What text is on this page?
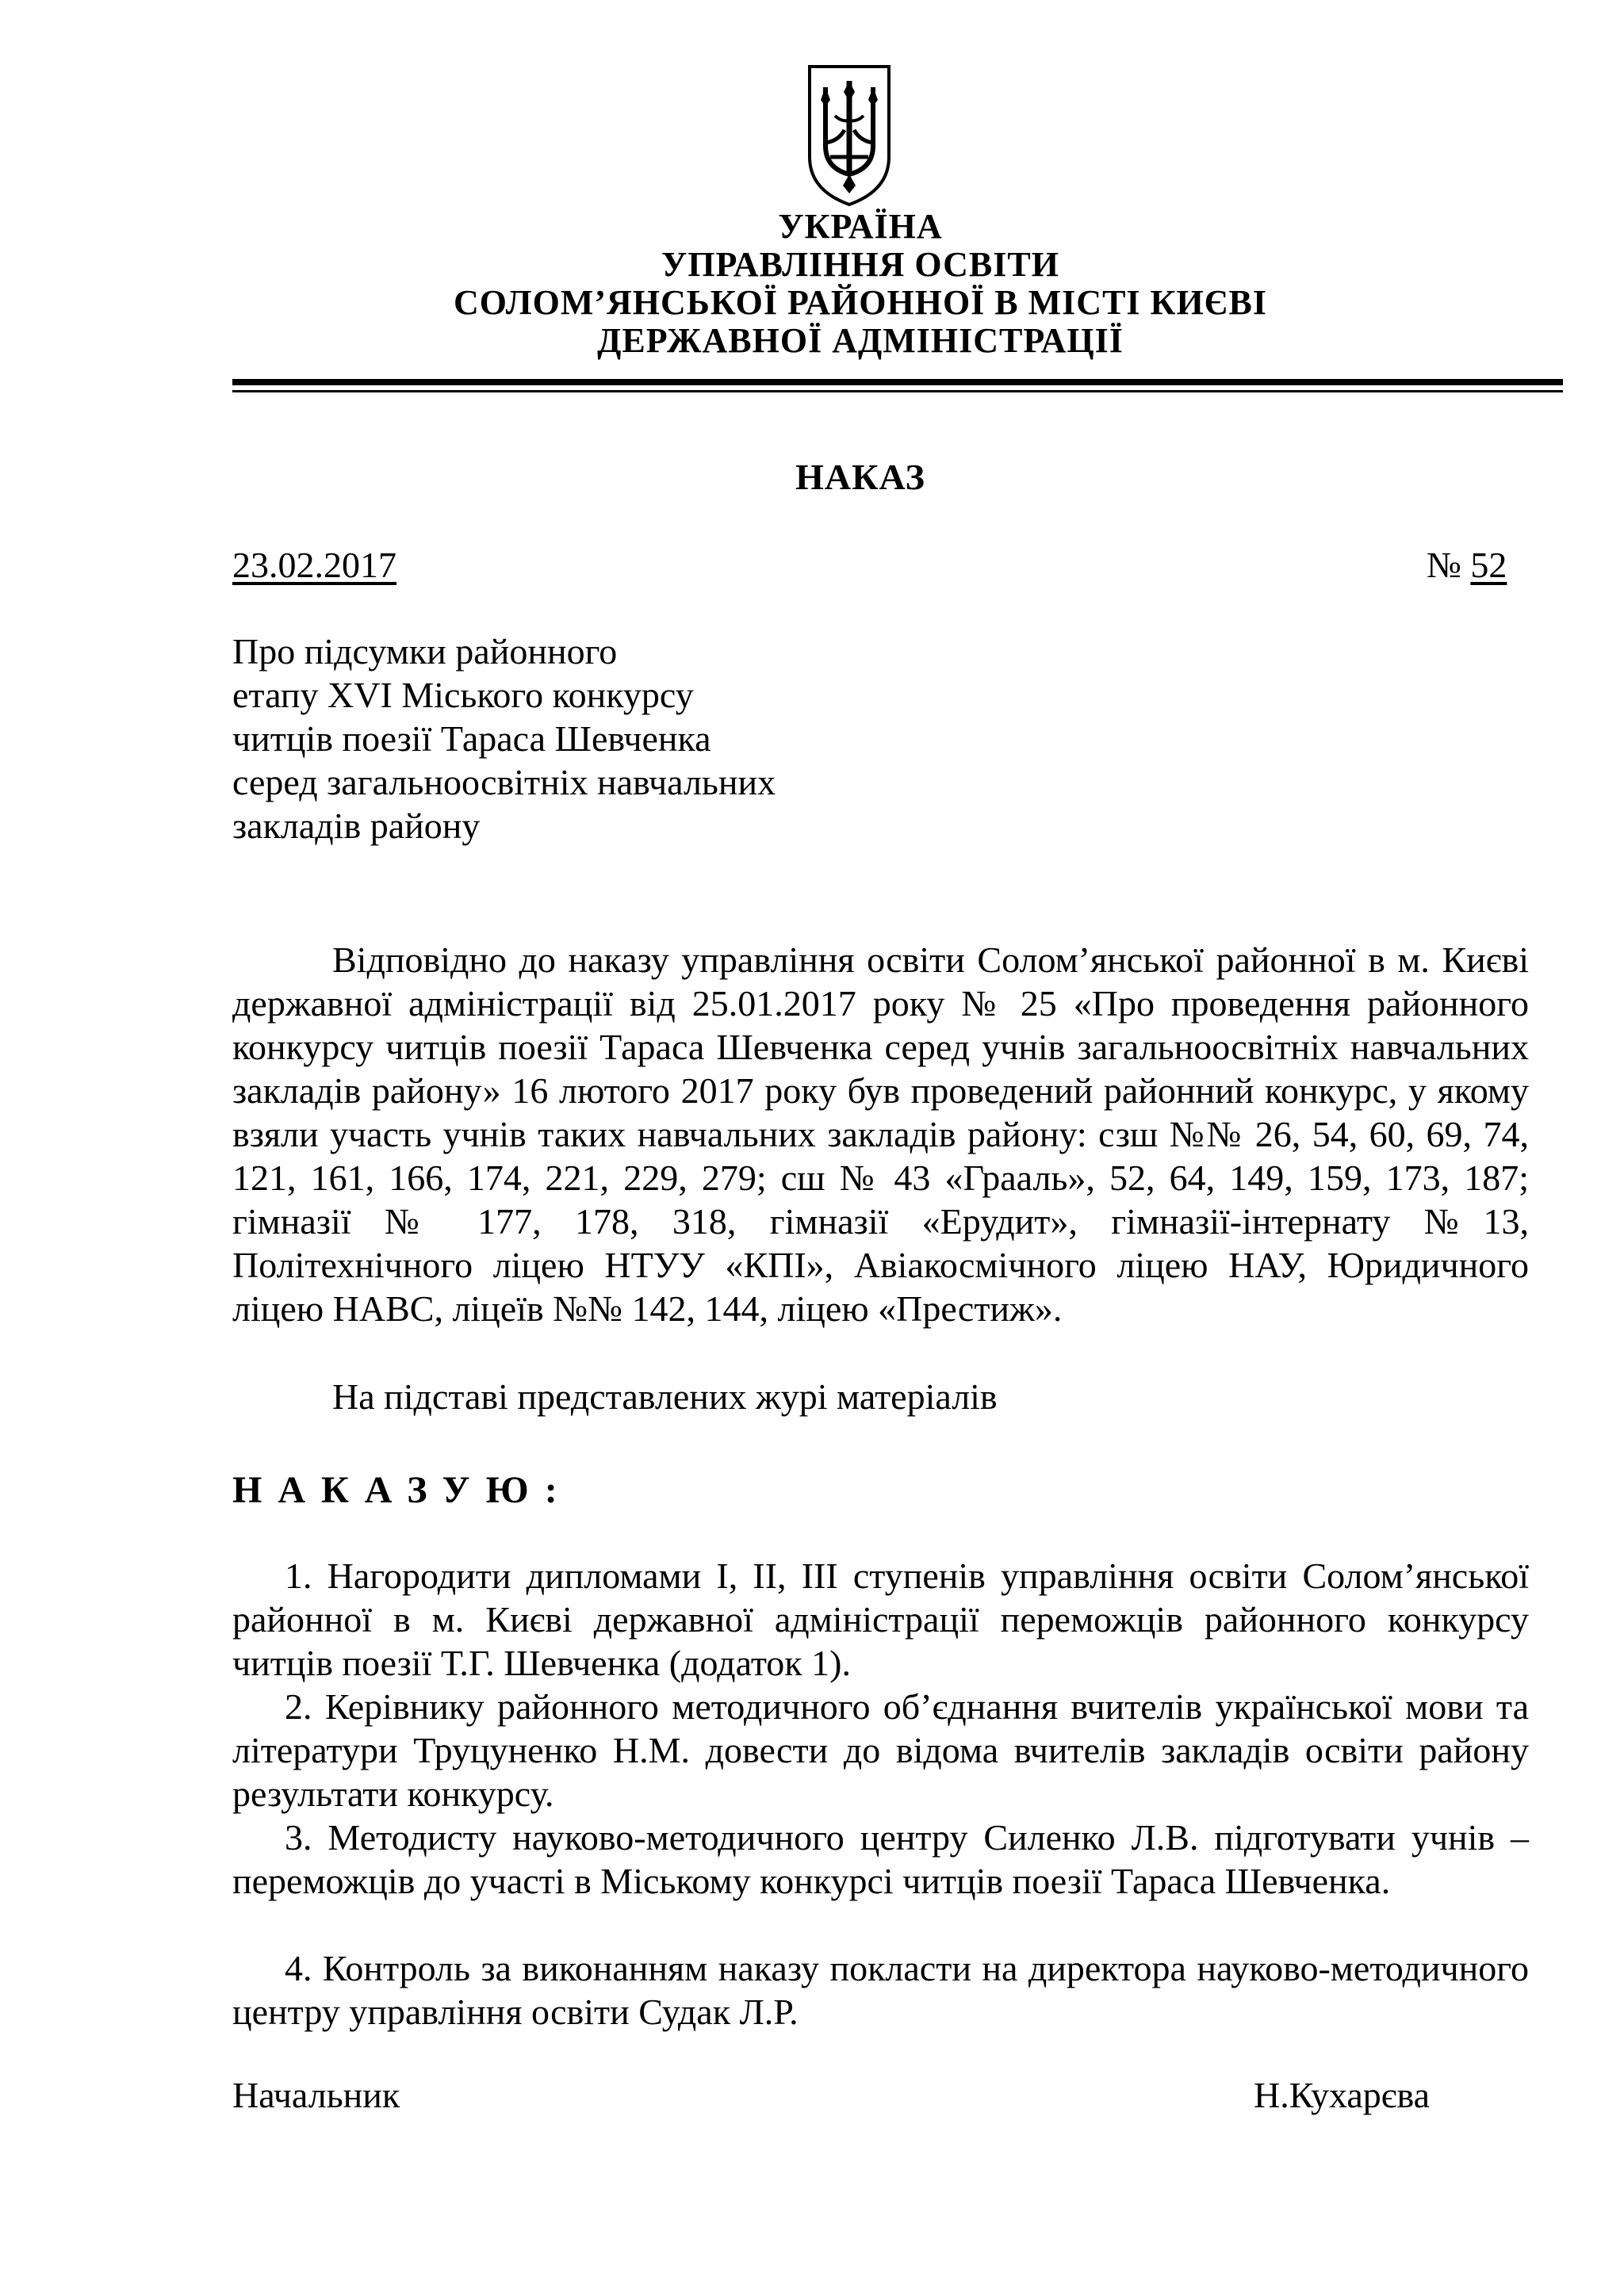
УКРАЇНА
УПРАВЛІННЯ ОСВІТИ
СОЛОМ’ЯНСЬКОЇ РАЙОННОЇ В МІСТІ КИЄВІ
ДЕРЖАВНОЇ АДМІНІСТРАЦІЇ
НАКАЗ
23.02.2017	№ 52
Про підсумки районного
етапу XVI Міського конкурсу
читців поезії Тараса Шевченка
серед загальноосвітніх навчальних
закладів району
Відповідно до наказу управління освіти Солом’янської районної в м. Києві державної адміністрації від 25.01.2017 року № 25 «Про проведення районного конкурсу читців поезії Тараса Шевченка серед учнів загальноосвітніх навчальних закладів району» 16 лютого 2017 року був проведений районний конкурс, у якому взяли участь учнів таких навчальних закладів району: сзш №№ 26, 54, 60, 69, 74, 121, 161, 166, 174, 221, 229, 279; сш № 43 «Грааль», 52, 64, 149, 159, 173, 187; гімназії № 177, 178, 318, гімназії «Ерудит», гімназії-інтернату №13, Політехнічного ліцею НТУУ «КПІ», Авіакосмічного ліцею НАУ, Юридичного ліцею НАВС, ліцеїв №№ 142, 144, ліцею «Престиж».
На підставі представлених журі матеріалів
НАКАЗУЮ:
1. Нагородити дипломами І, ІІ, ІІІ ступенів управління освіти Солом’янської районної в м. Києві державної адміністрації переможців районного конкурсу читців поезії Т.Г. Шевченка (додаток 1).
2. Керівнику районного методичного об’єднання вчителів української мови та літератури Труцуненко Н.М. довести до відома вчителів закладів освіти району результати конкурсу.
3. Методисту науково-методичного центру Силенко Л.В. підготувати учнів – переможців до участі в Міському конкурсі читців поезії Тараса Шевченка.
4. Контроль за виконанням наказу покласти на директора науково-методичного центру управління освіти Судак Л.Р.
Начальник	Н.Кухарєва
